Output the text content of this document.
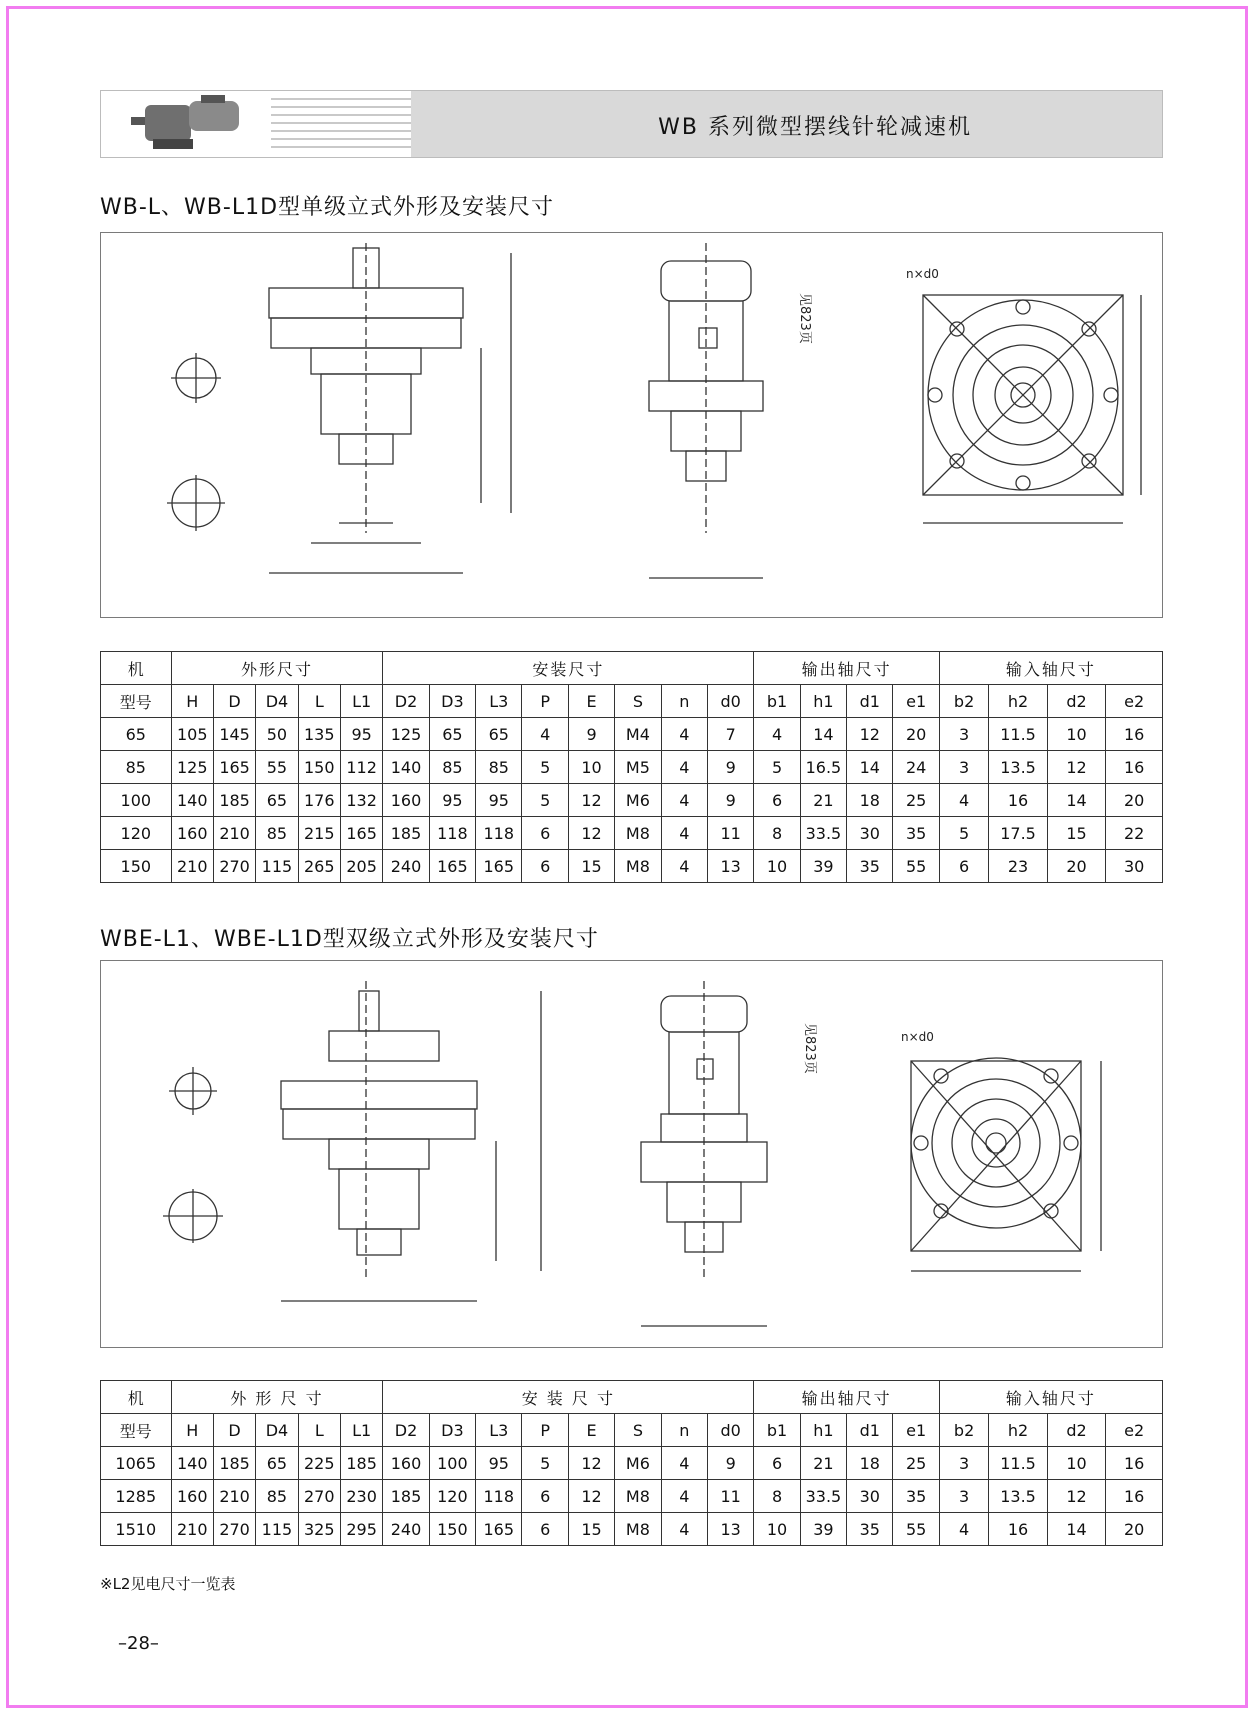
WB 系列微型摆线针轮减速机
WB-L、WB-L1D型单级立式外形及安装尺寸
n×d0
见823页
机	外形尺寸					安装尺寸								输出轴尺寸				输入轴尺寸			
型号	H	D	D4	L	L1	D2	D3	L3	P	E	S	n	d0	b1	h1	d1	e1	b2	h2	d2	e2
65	105	145	50	135	95	125	65	65	4	9	M4	4	7	4	14	12	20	3	11.5	10	16
85	125	165	55	150	112	140	85	85	5	10	M5	4	9	5	16.5	14	24	3	13.5	12	16
100	140	185	65	176	132	160	95	95	5	12	M6	4	9	6	21	18	25	4	16	14	20
120	160	210	85	215	165	185	118	118	6	12	M8	4	11	8	33.5	30	35	5	17.5	15	22
150	210	270	115	265	205	240	165	165	6	15	M8	4	13	10	39	35	55	6	23	20	30
WBE-L1、WBE-L1D型双级立式外形及安装尺寸
n×d0
见823页
机	外 形 尺 寸					安 装 尺 寸								输出轴尺寸				输入轴尺寸			
型号	H	D	D4	L	L1	D2	D3	L3	P	E	S	n	d0	b1	h1	d1	e1	b2	h2	d2	e2
1065	140	185	65	225	185	160	100	95	5	12	M6	4	9	6	21	18	25	3	11.5	10	16
1285	160	210	85	270	230	185	120	118	6	12	M8	4	11	8	33.5	30	35	3	13.5	12	16
1510	210	270	115	325	295	240	150	165	6	15	M8	4	13	10	39	35	55	4	16	14	20
※L2见电尺寸一览表
–28–
